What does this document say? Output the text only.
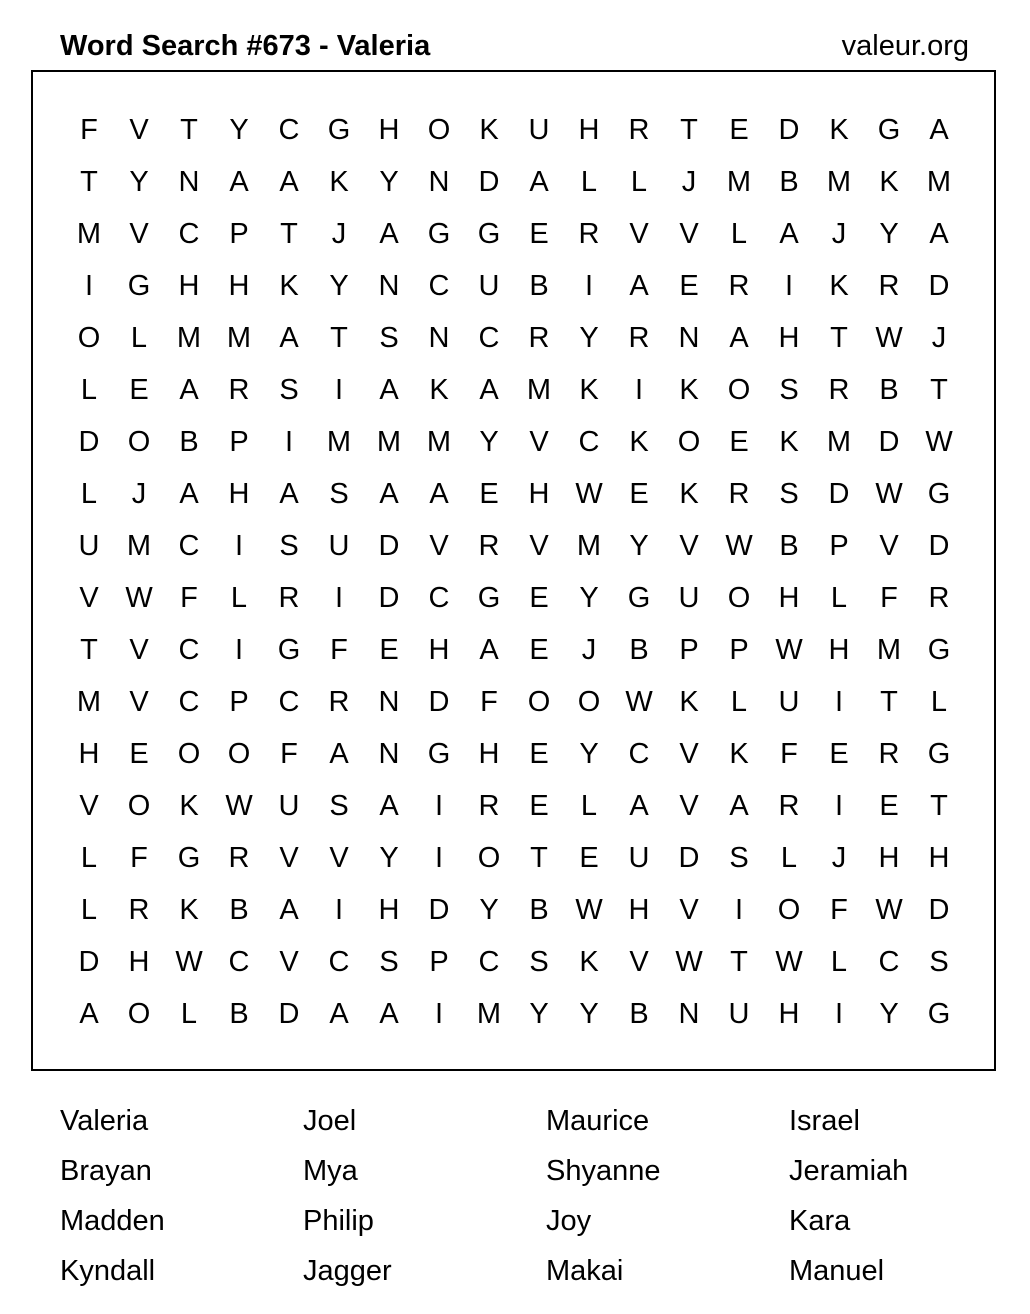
Word Search #673 - Valeria	valeur.org
F	V	T	Y	C G H O	K	U	H	R	T	E	D	K	G	A
T	Y	N	A	A	K	Y	N	D	A	L	L	J	M B M K M
M V	C	P	T	J	A	G G	E	R	V	V	L	A	J	Y	A
I	G H	H	K	Y	N	C	U	B	I	A	E	R	I	K	R	D
O	L	M M A	T	S	N	C	R	Y	R	N	A	H	T W	J
L	E	A	R	S	I	A	K	A M K	I	K	O	S	R	B	T
D O	B	P	I	M M M Y	V	C	K	O	E	K M D W
L	J	A	H	A	S	A	A	E	H W E	K	R	S	D W G
U M C	I	S	U	D	V	R	V M Y	V W B	P	V	D
V W F	L	R	I	D	C G	E	Y	G U O H	L	F	R
T	V	C	I	G	F	E	H	A	E	J	B	P	P W H M G
M V	C	P	C	R	N	D	F	O O W K	L	U	I	T	L
H	E	O O	F	A	N G H	E	Y	C	V	K	F	E	R G
V	O	K W U	S	A	I	R	E	L	A	V	A	R	I	E	T
L	F	G R	V	V	Y	I	O	T	E	U	D	S	L	J	H	H
L	R	K	B	A	I	H	D	Y	B W H	V	I	O	F W D
D	H W C	V	C	S	P	C	S	K	V W T W L	C	S
A	O	L	B	D	A	A	I	M Y	Y	B	N	U	H	I	Y	G
Valeria	Joel	Maurice	Israel
Brayan	Mya	Shyanne	Jeramiah
Madden	Philip	Joy	Kara
Kyndall	Jagger	Makai	Manuel
